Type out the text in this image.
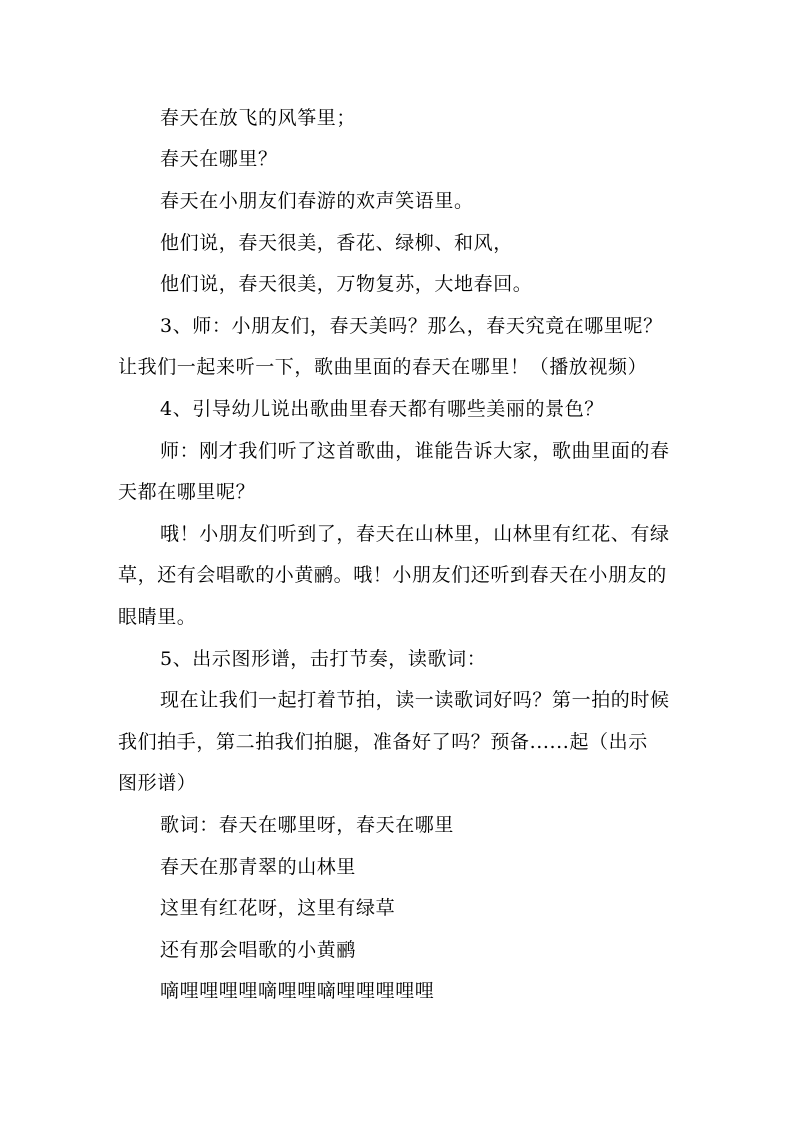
春天在放飞的风筝里；
春天在哪里？
春天在小朋友们春游的欢声笑语里。
他们说，春天很美，香花、绿柳、和风，
他们说，春天很美，万物复苏，大地春回。
3、师：小朋友们，春天美吗？那么，春天究竟在哪里呢？
让我们一起来听一下，歌曲里面的春天在哪里！（播放视频）
4、引导幼儿说出歌曲里春天都有哪些美丽的景色？
师：刚才我们听了这首歌曲，谁能告诉大家，歌曲里面的春
天都在哪里呢？
哦！小朋友们听到了，春天在山林里，山林里有红花、有绿
草，还有会唱歌的小黄鹂。哦！小朋友们还听到春天在小朋友的
眼睛里。
5、出示图形谱，击打节奏，读歌词：
现在让我们一起打着节拍，读一读歌词好吗？第一拍的时候
我们拍手，第二拍我们拍腿，准备好了吗？预备......起（出示
图形谱）
歌词：春天在哪里呀，春天在哪里
春天在那青翠的山林里
这里有红花呀，这里有绿草
还有那会唱歌的小黄鹂
嘀哩哩哩哩嘀哩哩嘀哩哩哩哩哩
